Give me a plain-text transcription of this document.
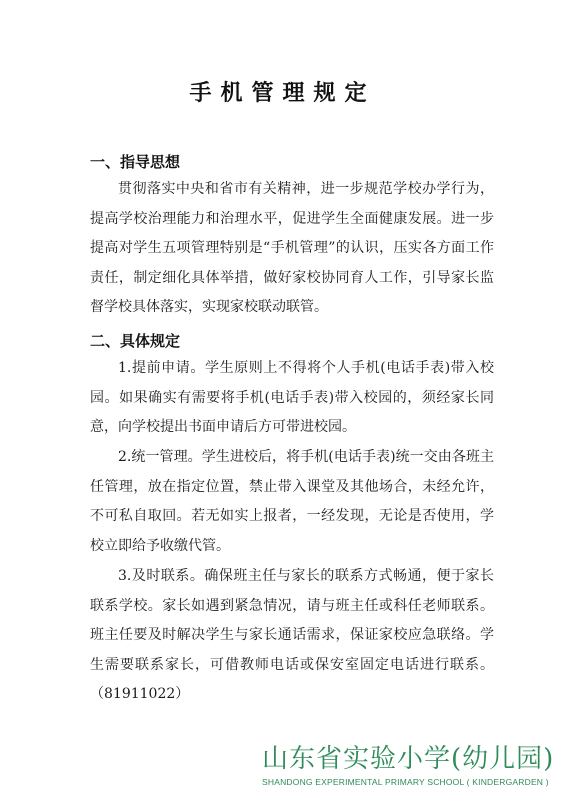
手机管理规定
一、指导思想

贯彻落实中央和省市有关精神，进一步规范学校办学行为，提高学校治理能力和治理水平，促进学生全面健康发展。进一步提高对学生五项管理特别是“手机管理”的认识，压实各方面工作责任，制定细化具体举措，做好家校协同育人工作，引导家长监督学校具体落实，实现家校联动联管。

二、具体规定

1.提前申请。学生原则上不得将个人手机(电话手表)带入校园。如果确实有需要将手机(电话手表)带入校园的，须经家长同意，向学校提出书面申请后方可带进校园。

2.统一管理。学生进校后，将手机(电话手表)统一交由各班主任管理，放在指定位置，禁止带入课堂及其他场合，未经允许，不可私自取回。若无如实上报者，一经发现，无论是否使用，学校立即给予收缴代管。

3.及时联系。确保班主任与家长的联系方式畅通，便于家长联系学校。家长如遇到紧急情况，请与班主任或科任老师联系。班主任要及时解决学生与家长通话需求，保证家校应急联络。学生需要联系家长，可借教师电话或保安室固定电话进行联系。（81911022）

山东省实验小学(幼儿园)
SHANDONG EXPERIMENTAL PRIMARY SCHOOL ( KINDERGARDEN )
